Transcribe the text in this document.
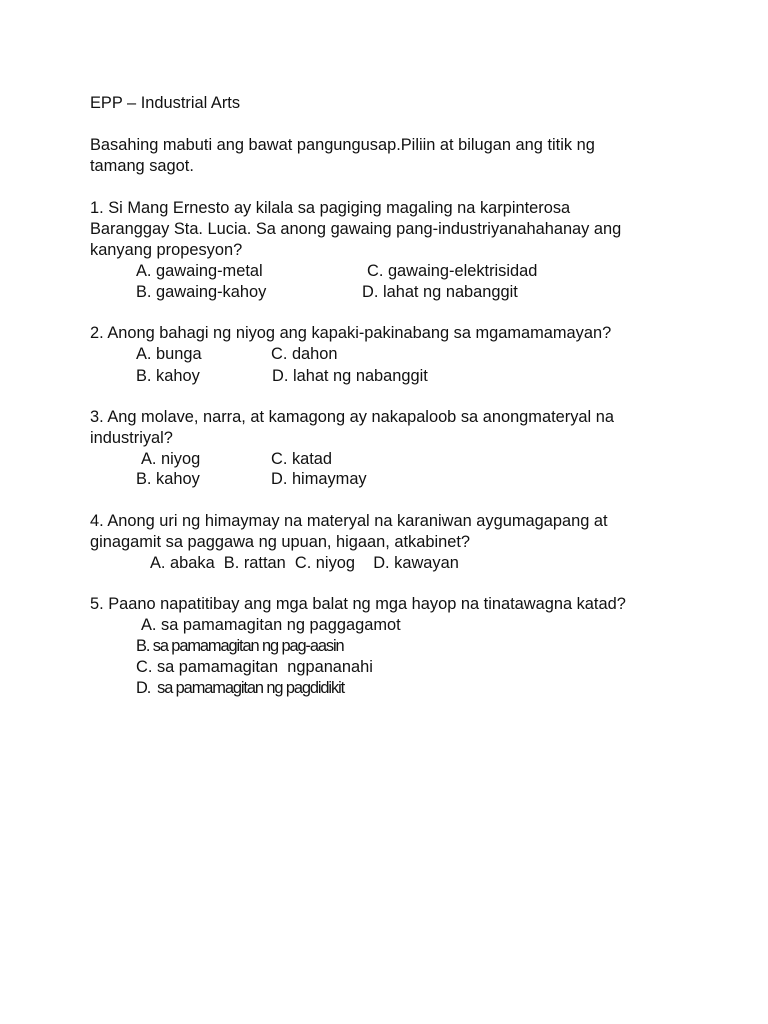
EPP – Industrial Arts
Basahing mabuti ang bawat pangungusap.Piliin at bilugan ang titik ng
tamang sagot.
1. Si Mang Ernesto ay kilala sa pagiging magaling na karpinterosa
Baranggay Sta. Lucia. Sa anong gawaing pang-industriyanahahanay ang
kanyang propesyon?
A. gawaing-metal	C. gawaing-elektrisidad
B. gawaing-kahoy	D. lahat ng nabanggit
2. Anong bahagi ng niyog ang kapaki-pakinabang sa mgamamamayan?
A. bunga	C. dahon
B. kahoy	D. lahat ng nabanggit
3. Ang molave, narra, at kamagong ay nakapaloob sa anongmateryal na
industriyal?
A. niyog	C. katad
B. kahoy	D. himaymay
4. Anong uri ng himaymay na materyal na karaniwan aygumagapang at
ginagamit sa paggawa ng upuan, higaan, atkabinet?
A. abaka  B. rattan  C. niyog    D. kawayan
5. Paano napatitibay ang mga balat ng mga hayop na tinatawagna katad?
A. sa pamamagitan ng paggagamot
B. sa pamamagitan ng pag-aasin
C. sa pamamagitan  ngpananahi
D.  sa pamamagitan ng pagdidikit
